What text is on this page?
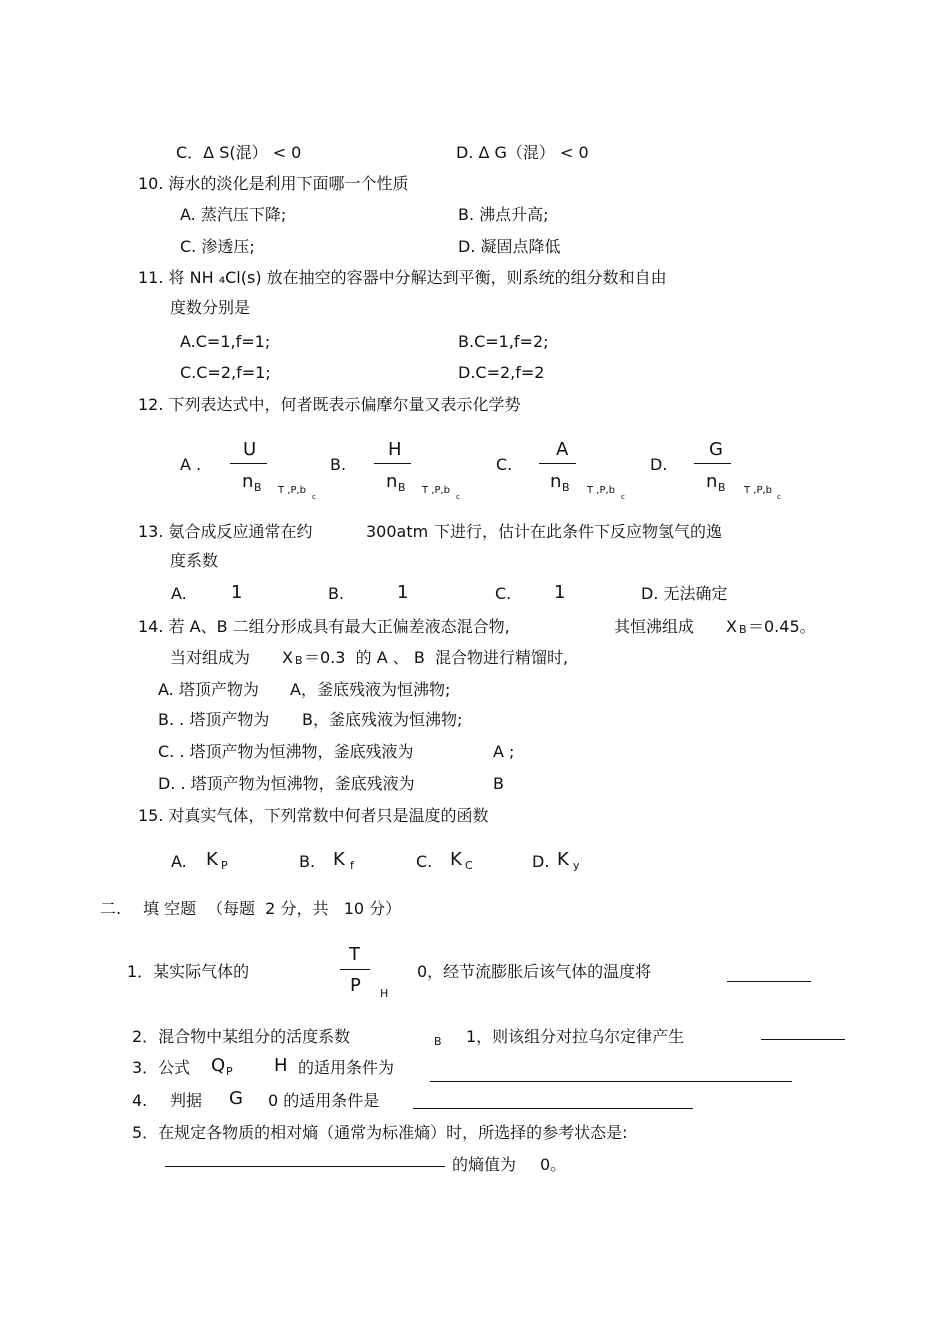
C．Δ S(混） < 0	D. Δ G（混） < 0
10. 海水的淡化是利用下面哪一个性质
A. 蒸汽压下降;	B. 沸点升高;
C. 渗透压;	D. 凝固点降低
11. 将 NH ₄Cl(s) 放在抽空的容器中分解达到平衡，则系统的组分数和自由
度数分别是
A.C=1,f=1;	B.C=1,f=2;
C.C=2,f=1;	D.C=2,f=2
12. 下列表达式中，何者既表示偏摩尔量又表示化学势
A .
U
n B T ,P,b
c
B.
H
n B T ,P,b
c
C.
A
n B T ,P,b
c
D.
G
n B T ,P,b
c
13. 氨合成反应通常在约	300atm 下进行，估计在此条件下反应物氢气的逸
度系数
A. 1	B.	1	C. 1	D. 无法确定
14. 若 A、B 二组分形成具有最大正偏差液态混合物,	其恒沸组成 X B ＝0.45。
当对组成为 X B ＝0.3  的 A 、 B  混合物进行精馏时,
A. 塔顶产物为 A，釜底残液为恒沸物;
B. . 塔顶产物为 B，釜底残液为恒沸物;
C. . 塔顶产物为恒沸物，釜底残液为	A ;
D. . 塔顶产物为恒沸物，釜底残液为	B
15. 对真实气体，下列常数中何者只是温度的函数
A. K P	B. K f	C. K C	D. K y
二. 填 空题 （每题  2 分，共   10 分）
1．某实际气体的
T
P H
0，经节流膨胀后该气体的温度将
2．混合物中某组分的活度系数	B 1，则该组分对拉乌尔定律产生
3．公式 Q P H 的适用条件为
4. 判据 G 0 的适用条件是
5．在规定各物质的相对熵（通常为标准熵）时，所选择的参考状态是:
的熵值为 0。
